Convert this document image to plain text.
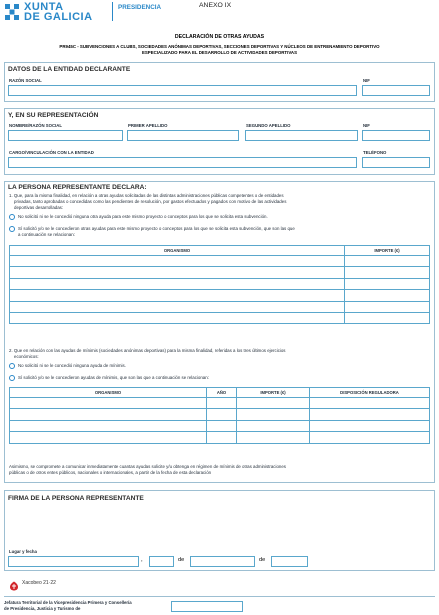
XUNTA
DE GALICIA
PRESIDENCIA	ANEXO IX
DECLARACIÓN DE OTRAS AYUDAS
PR945C - SUBVENCIONES A CLUBS, SOCIEDADES ANÓNIMAS DEPORTIVAS, SECCIONES DEPORTIVAS Y NÚCLEOS DE ENTRENAMIENTO DEPORTIVO
ESPECIALIZADO PARA EL DESARROLLO DE ACTIVIDADES DEPORTIVAS
DATOS DE LA ENTIDAD DECLARANTE
RAZÓN SOCIAL	NIF
Y, EN SU REPRESENTACIÓN
NOMBRE/RAZÓN SOCIAL	PRIMER APELLIDO	SEGUNDO APELLIDO	NIF
CARGO/VINCULACIÓN CON LA ENTIDAD	TELÉFONO
LA PERSONA REPRESENTANTE DECLARA:
1. Que, para la misma finalidad, en relación a otras ayudas solicitadas de las distintas administraciones públicas competentes o de entidades
privadas, tanto aprobadas o concedidas como las pendientes de resolución, por gastos efectuados y pagados con motivo de las actividades
deportivas desarrolladas:
No solicitó ni se le concedió ninguna otra ayuda para este mismo proyecto o conceptos para los que se solicita esta subvención.
Sí solicitó y/o se le concedieron otras ayudas para este mismo proyecto o conceptos para los que se solicita esta subvención, que son las que
a continuación se relacionan:
ORGANISMO	IMPORTE (€)

2. Que en relación con las ayudas de mínimis (sociedades anónimas deportivas) para la misma finalidad, referidas a los tres últimos ejercicios
económicos:
No solicitó ni se le concedió ninguna ayuda de mínimis.
Sí solicitó y/o se le concedieron ayudas de mínimis, que son las que a continuación se relacionan:
ORGANISMO	AÑO	IMPORTE (€)	DISPOSICIÓN REGULADORA

Asimismo, se compromete a comunicar inmediatamente cuantas ayudas solicite y/u obtenga en régimen de mínimis de otras administraciones
públicas o de otros entes públicos, nacionales o internacionales, a partir de la fecha de esta declaración
FIRMA DE LA PERSONA REPRESENTANTE
Lugar y fecha
,	de	de
Xacobeo 21·22
Jefatura Territorial de la Vicepresidencia Primera y Consellería
de Presidencia, Justicia y Turismo de
